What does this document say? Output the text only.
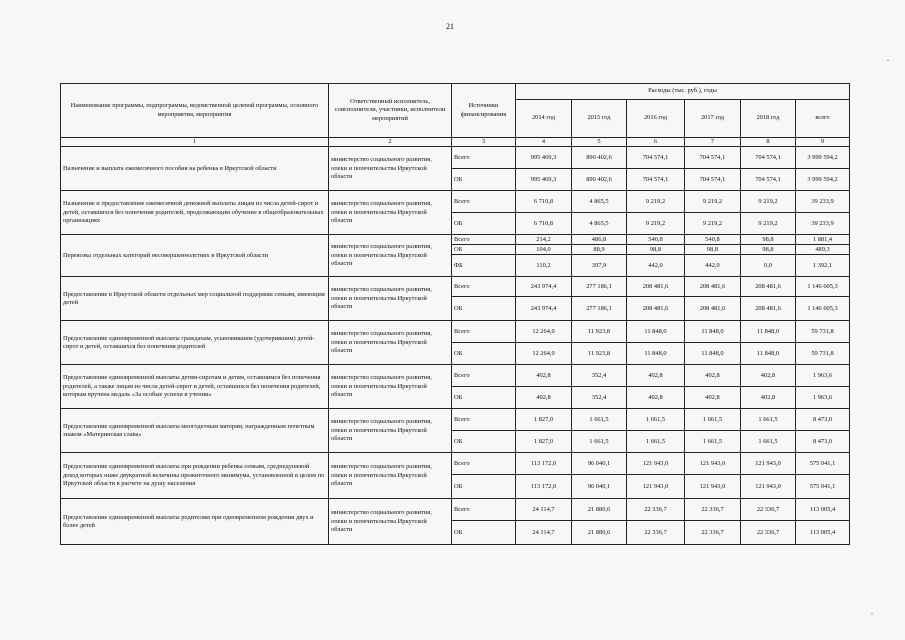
21
Наименование программы, подпрограммы, ведомственной целевой программы, основного мероприятия, мероприятия	Ответственный исполнитель, соисполнители, участники, исполнители мероприятий	Источники финансирования	Расходы (тыс. руб.), годы					
			2014 год	2015 год	2016 год	2017 год	2018 год	всего
1	2	3	4	5	6	7	8	9
Назначение и выплата ежемесячного пособия на ребенка в Иркутской области	министерство социального развития, опеки и попечительства Иркутской области	Всего	995 469,3	890 402,6	704 574,1	704 574,1	704 574,1	3 999 594,2
		ОБ	995 469,3	890 402,6	704 574,1	704 574,1	704 574,1	3 999 594,2
Назначение и предоставление ежемесячной денежной выплаты лицам из числа детей-сирот и детей, оставшихся без попечения родителей, продолжающим обучение в общеобразовательных организациях	министерство социального развития, опеки и попечительства Иркутской области	Всего	6 710,8	4 865,5	9 219,2	9 219,2	9 219,2	39 233,9
		ОБ	6 710,8	4 865,5	9 219,2	9 219,2	9 219,2	39 233,9
Перевозка отдельных категорий несовершеннолетних в Иркутской области	министерство социального развития, опеки и попечительства Иркутской области	Всего	214,2	486,8	540,8	540,8	98,8	1 881,4
		ОБ	104,0	88,9	98,8	98,8	98,8	489,3
		ФБ	110,2	397,9	442,0	442,0	0,0	1 392,1
Предоставление в Иркутской области отдельных мер социальной поддержки семьям, имеющим детей	министерство социального развития, опеки и попечительства Иркутской области	Всего	243 974,4	277 186,1	208 481,6	208 481,6	208 481,6	1 146 605,3
		ОБ	243 974,4	277 186,1	208 481,6	208 481,6	208 481,6	1 146 605,3
Предоставление единовременной выплаты гражданам, усыновившим (удочерившим) детей-сирот и детей, оставшихся без попечения родителей	министерство социального развития, опеки и попечительства Иркутской области	Всего	12 264,0	11 923,8	11 848,0	11 848,0	11 848,0	59 731,8
		ОБ	12 264,0	11 923,8	11 848,0	11 848,0	11 848,0	59 731,8
Предоставление единовременной выплаты детям-сиротам и детям, оставшимся без попечения родителей, а также лицам из числа детей-сирот и детей, оставшихся без попечения родителей, которым вручена медаль «За особые успехи в учении»	министерство социального развития, опеки и попечительства Иркутской области	Всего	402,8	352,4	402,8	402,8	402,8	1 963,6
		ОБ	402,8	352,4	402,8	402,8	402,8	1 963,6
Предоставление единовременной выплаты многодетным матерям, награжденным почетным знаком «Материнская слава»	министерство социального развития, опеки и попечительства Иркутской области	Всего	1 827,0	1 661,5	1 661,5	1 661,5	1 661,5	8 473,0
		ОБ	1 827,0	1 661,5	1 661,5	1 661,5	1 661,5	8 473,0
Предоставление единовременной выплаты при рождении ребенка семьям, среднедушевой доход которых ниже двукратной величины прожиточного минимума, установленной в целом по Иркутской области в расчете на душу населения	министерство социального развития, опеки и попечительства Иркутской области	Всего	113 172,0	96 040,1	121 943,0	121 943,0	121 943,0	575 041,1
		ОБ	113 172,0	96 040,1	121 943,0	121 943,0	121 943,0	575 041,1
Предоставление единовременной выплаты родителям при одновременном рождении двух и более детей	министерство социального развития, опеки и попечительства Иркутской области	Всего	24 114,7	21 880,6	22 336,7	22 336,7	22 336,7	113 005,4
		ОБ	24 114,7	21 880,6	22 336,7	22 336,7	22 336,7	113 005,4
